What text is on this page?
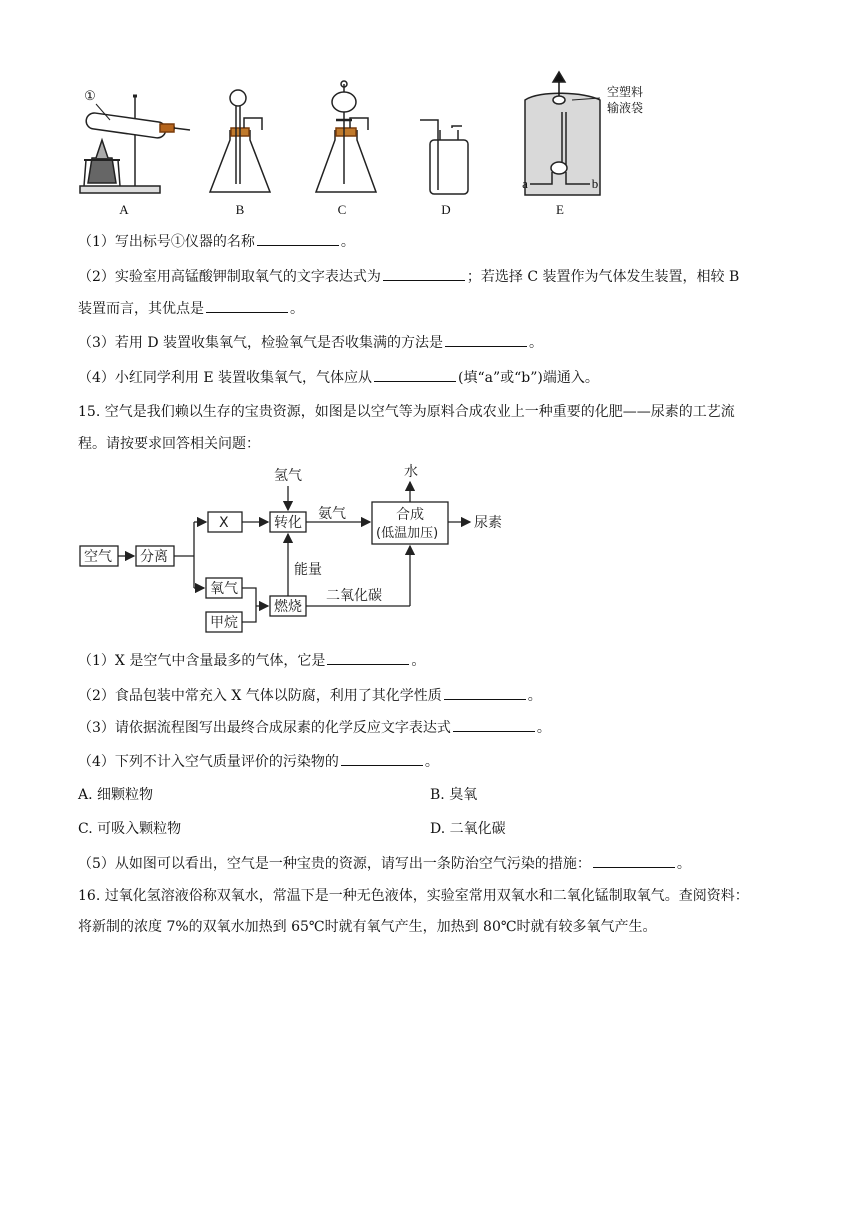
①	空塑料
输液袋
a	b
A	B	C	D	E
（1）写出标号①仪器的名称	。
（2）实验室用高锰酸钾制取氧气的文字表达式为	；若选择 C 装置作为气体发生装置，相较 B
装置而言，其优点是	。
（3）若用 D 装置收集氧气，检验氧气是否收集满的方法是	。
（4）小红同学利用 E 装置收集氧气，气体应从	(填“a”或“b”)端通入。
15. 空气是我们赖以生存的宝贵资源，如图是以空气等为原料合成农业上一种重要的化肥——尿素的工艺流
程。请按要求回答相关问题：
空气 分离
X
氢气
转化
氨气	合成
(低温加压)
水
尿素
能量
氧气
甲烷
燃烧
二氧化碳
（1）X 是空气中含量最多的气体，它是	。
（2）食品包装中常充入 X 气体以防腐，利用了其化学性质	。
（3）请依据流程图写出最终合成尿素的化学反应文字表达式	。
（4）下列不计入空气质量评价的污染物的	。
A. 细颗粒物	B. 臭氧
C. 可吸入颗粒物	D. 二氧化碳
（5）从如图可以看出，空气是一种宝贵的资源，请写出一条防治空气污染的措施：	。
16. 过氧化氢溶液俗称双氧水，常温下是一种无色液体，实验室常用双氧水和二氧化锰制取氧气。查阅资料：
将新制的浓度 7%的双氧水加热到 65℃时就有氧气产生，加热到 80℃时就有较多氧气产生。
